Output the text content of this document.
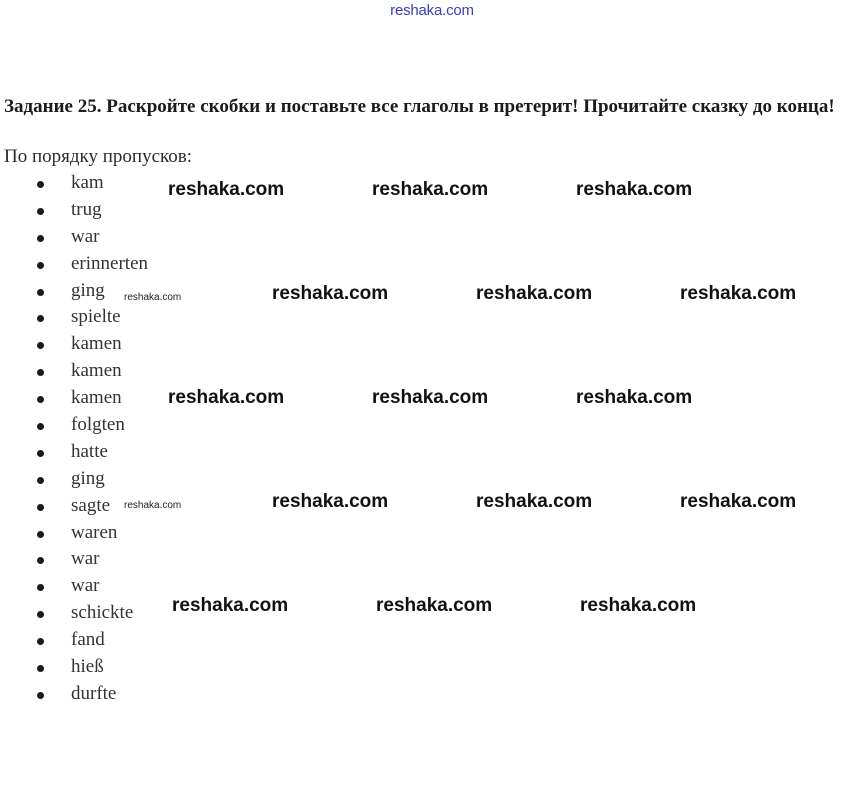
reshaka.com
Задание 25. Раскройте скобки и поставьте все глаголы в претерит! Прочитайте сказку до конца!
По порядку пропусков:
kam
trug
war
erinnerten
ging
spielte
kamen
kamen
kamen
folgten
hatte
ging
sagte
waren
war
war
schickte
fand
hieß
durfte
reshaka.com	reshaka.com	reshaka.com
reshaka.com	reshaka.com	reshaka.com	reshaka.com
reshaka.com	reshaka.com	reshaka.com
reshaka.com	reshaka.com	reshaka.com	reshaka.com
reshaka.com	reshaka.com	reshaka.com
